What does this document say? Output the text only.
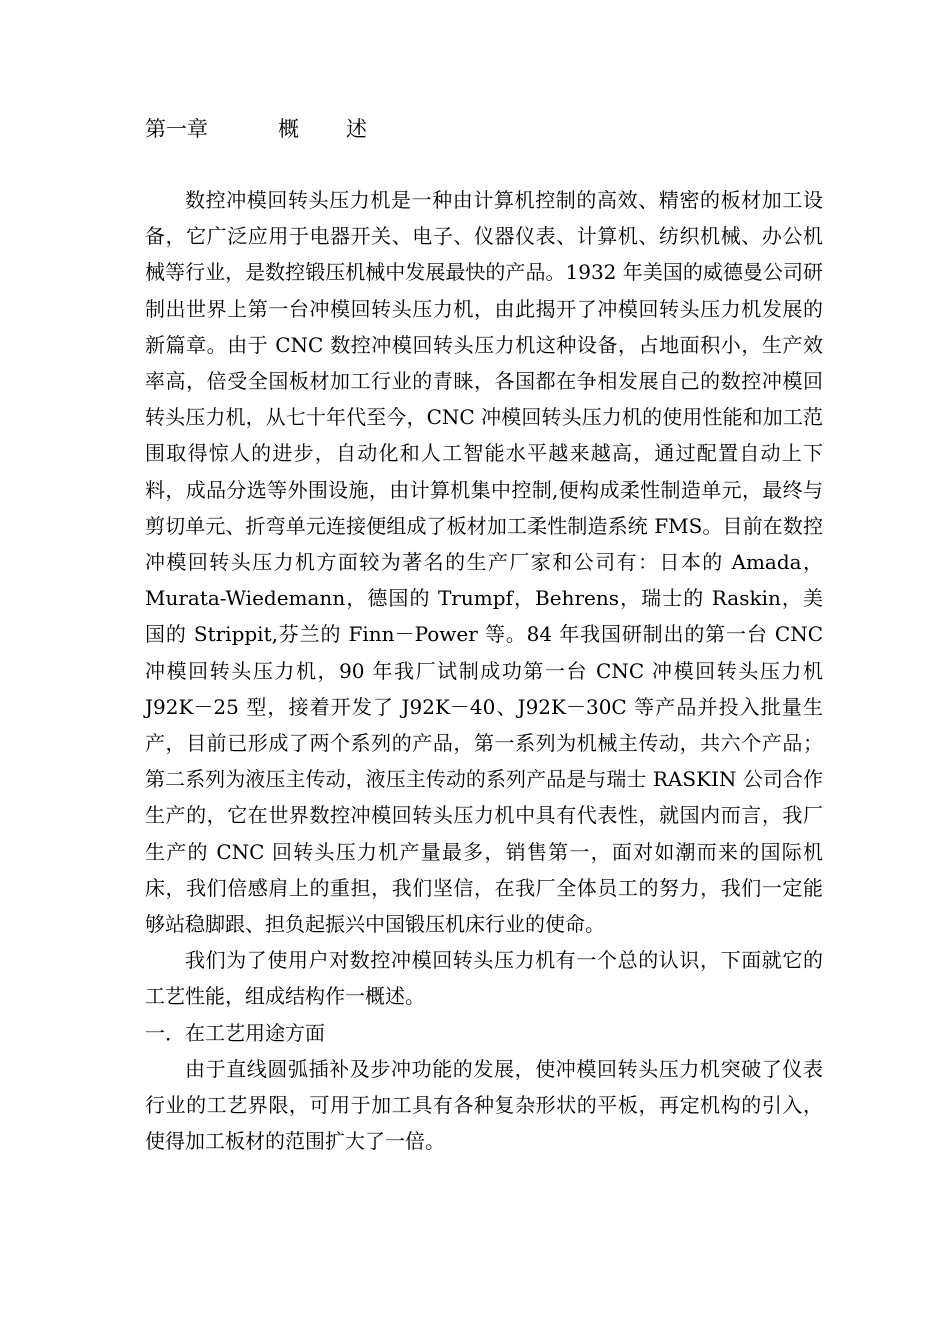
第一章	概 述

数控冲模回转头压力机是一种由计算机控制的高效、精密的板材加工设备，它广泛应用于电器开关、电子、仪器仪表、计算机、纺织机械、办公机械等行业，是数控锻压机械中发展最快的产品。1932 年美国的威德曼公司研制出世界上第一台冲模回转头压力机，由此揭开了冲模回转头压力机发展的新篇章。由于 CNC 数控冲模回转头压力机这种设备，占地面积小，生产效率高，倍受全国板材加工行业的青睐，各国都在争相发展自己的数控冲模回转头压力机，从七十年代至今，CNC 冲模回转头压力机的使用性能和加工范围取得惊人的进步，自动化和人工智能水平越来越高，通过配置自动上下料，成品分选等外围设施，由计算机集中控制,便构成柔性制造单元，最终与剪切单元、折弯单元连接便组成了板材加工柔性制造系统 FMS。目前在数控冲模回转头压力机方面较为著名的生产厂家和公司有：日本的 Amada，Murata-Wiedemann，德国的 Trumpf，Behrens，瑞士的 Raskin，美国的 Strippit,芬兰的 Finn－Power 等。84 年我国研制出的第一台 CNC 冲模回转头压力机，90 年我厂试制成功第一台 CNC 冲模回转头压力机 J92K－25 型，接着开发了 J92K－40、J92K－30C 等产品并投入批量生产，目前已形成了两个系列的产品，第一系列为机械主传动，共六个产品；第二系列为液压主传动，液压主传动的系列产品是与瑞士 RASKIN 公司合作生产的，它在世界数控冲模回转头压力机中具有代表性，就国内而言，我厂生产的 CNC 回转头压力机产量最多，销售第一，面对如潮而来的国际机床，我们倍感肩上的重担，我们坚信，在我厂全体员工的努力，我们一定能够站稳脚跟、担负起振兴中国锻压机床行业的使命。

我们为了使用户对数控冲模回转头压力机有一个总的认识，下面就它的工艺性能，组成结构作一概述。

一．在工艺用途方面

由于直线圆弧插补及步冲功能的发展，使冲模回转头压力机突破了仪表行业的工艺界限，可用于加工具有各种复杂形状的平板，再定机构的引入，使得加工板材的范围扩大了一倍。
